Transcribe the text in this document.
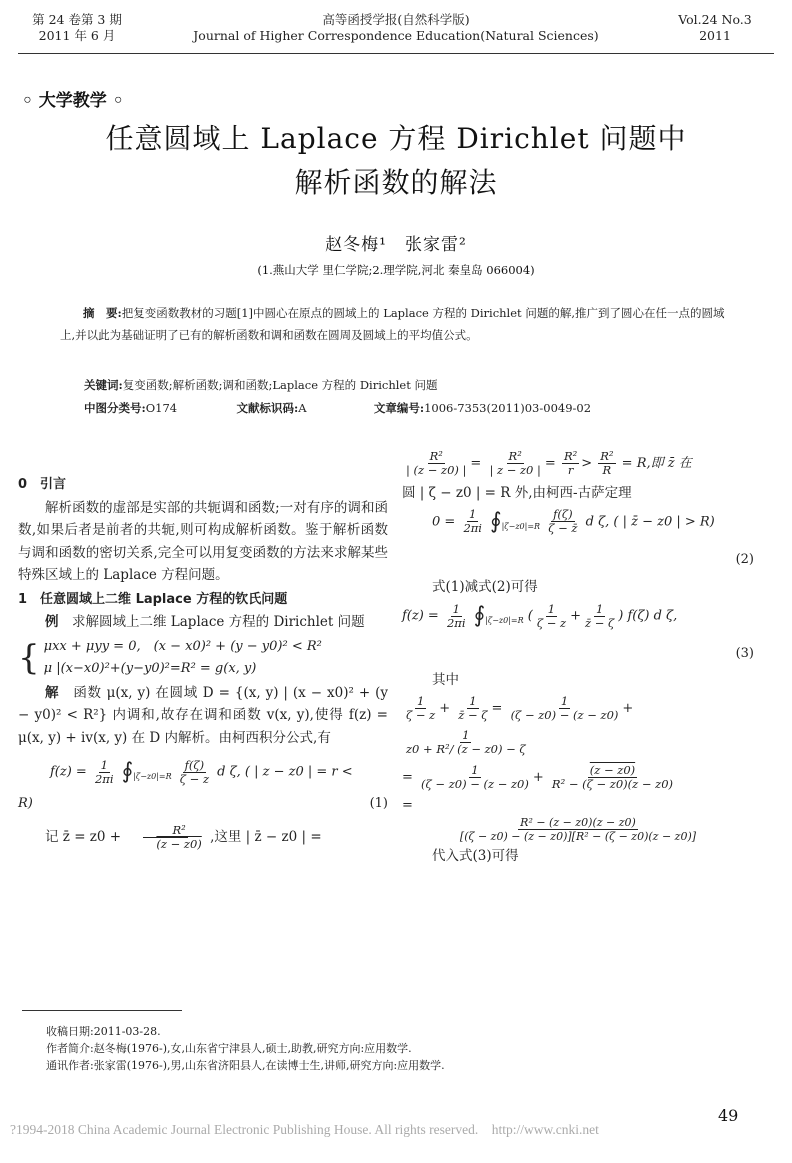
第 24 卷第 3 期
2011 年 6 月
高等函授学报(自然科学版)
Journal of Higher Correspondence Education(Natural Sciences)
Vol.24 No.3
2011
◦ 大学教学 ◦
任意圆域上 Laplace 方程 Dirichlet 问题中
解析函数的解法
赵冬梅¹　张家雷²
(1.燕山大学 里仁学院;2.理学院,河北 秦皇岛 066004)
摘　要:把复变函数教材的习题[1]中圆心在原点的圆域上的 Laplace 方程的 Dirichlet 问题的解,推广到了圆心在任一点的圆域上,并以此为基础证明了已有的解析函数和调和函数在圆周及圆域上的平均值公式。
关键词:复变函数;解析函数;调和函数;Laplace 方程的 Dirichlet 问题
中图分类号:O174	文献标识码:A	文章编号:1006-7353(2011)03-0049-02
0　引言
解析函数的虚部是实部的共轭调和函数;一对有序的调和函数,如果后者是前者的共轭,则可构成解析函数。鉴于解析函数与调和函数的密切关系,完全可以用复变函数的方法来求解某些特殊区域上的 Laplace 方程问题。
1　任意圆域上二维 Laplace 方程的钦氏问题
例　 求解圆域上二维 Laplace 方程的 Dirichlet 问题
{ μxx + μyy = 0,　(x − x0)² + (y − y0)² < R²
μ |(x−x0)²+(y−y0)²=R² = g(x, y)
解　 函数 μ(x, y) 在圆域 D = {(x, y) | (x − x0)² + (y − y0)² < R²} 内调和,故存在调和函数 v(x, y),使得 f(z) = μ(x, y) + iv(x, y) 在 D 内解析。由柯西积分公式,有
$f(z) = \frac{1}{2\pi i}$ $∮_{|\zeta-z0|=R} \frac{f(\zeta)}{\zeta - z}$ d ζ, ( | z − z0 | = r <
R)	(1)
记 z̄ = $z0 + \frac{\text{R²}}{(z - z0)}$ ,这里 | z̄ − z0 | =
$\frac{\text{R²}}{| (z - z0) |} = \frac{\text{R²}}{| z - z0 |} = \frac{\text{R²}}{r} > \frac{\text{R²}}{R} = R$,即 z̄ 在
圆 | ζ − z0 | = R 外,由柯西-古萨定理
$0 = \frac{1}{2\pi i}$ $∮_{|\zeta-z0|=R} \frac{f(\zeta)}{\zeta - z̄}$ d ζ, ( | z̄ − z0 | > R)
(2)
式(1)减式(2)可得
$f(z) = \frac{1}{2\pi i}$ $∮_{|\zeta-z0|=R}$ ( $\frac{1}{\zeta - z} + \frac{1}{z̄ - \zeta}$ ) f(ζ) d ζ,
(3)
其中
$\frac{1}{\zeta - z} + \frac{1}{z̄ - \zeta} = \frac{1}{(\zeta - z0) - (z - z0)}$ +
$\frac{1}{\text{z0 + R²/ (z − z0) − ζ}}$
= $\frac{1}{(\zeta - z0) - (z - z0)} + \frac{(z - z0)}{\text{R² − (ζ − z0)(z − z0)}}$
=
$\frac{\text{R² − (z − z0)(z − z0)}}{\text{[(ζ − z0) − (z − z0)][R² − (ζ − z0)(z − z0)]}}$
代入式(3)可得
收稿日期:2011-03-28.
作者简介:赵冬梅(1976-),女,山东省宁津县人,硕士,助教,研究方向:应用数学.
通讯作者:张家雷(1976-),男,山东省济阳县人,在读博士生,讲师,研究方向:应用数学.
49
?1994-2018 China Academic Journal Electronic Publishing House. All rights reserved.　http://www.cnki.net
